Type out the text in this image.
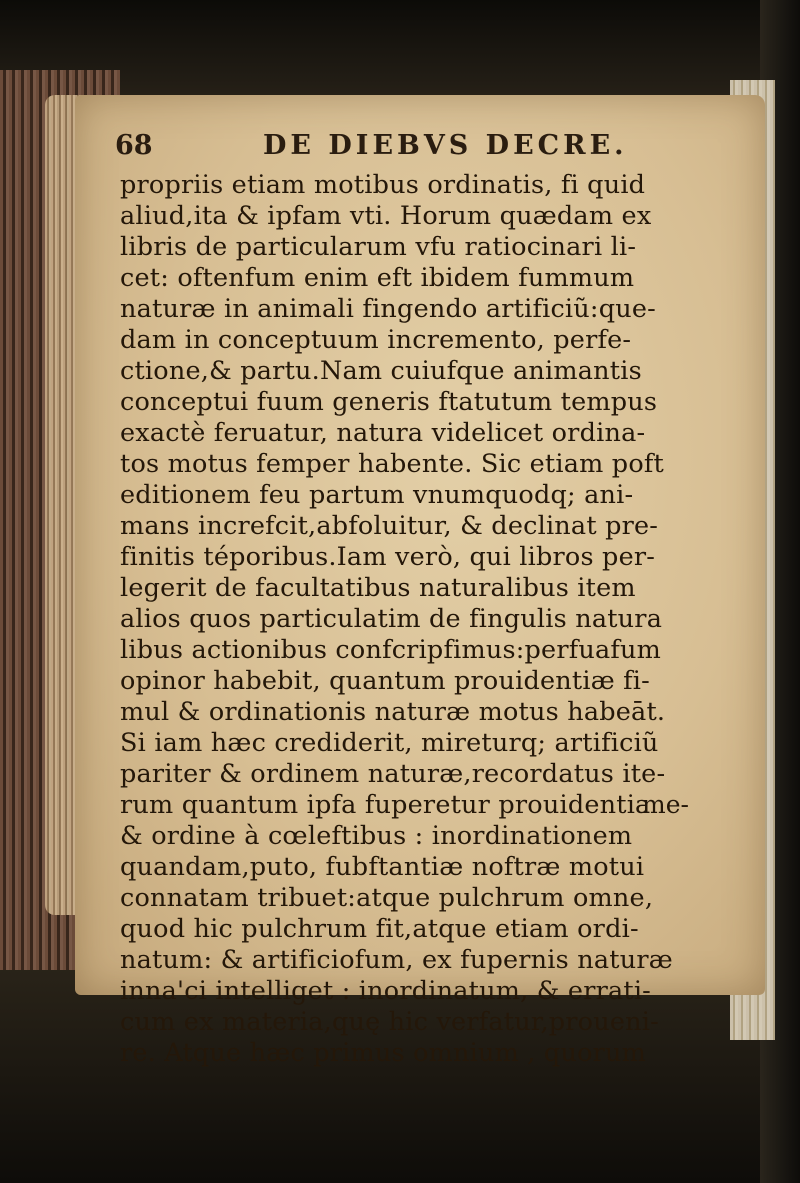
68	DE DIEBVS DECRE.
propriis etiam motibus ordinatis, fi quid
aliud,ita & ipfam vti. Horum quædam ex
libris de particularum vfu ratiocinari li-
cet: oftenfum enim eft ibidem fummum
naturæ in animali fingendo artificiũ:que-
dam in conceptuum incremento, perfe-
ctione,& partu.Nam cuiufque animantis
conceptui fuum generis ftatutum tempus
exactè feruatur, natura videlicet ordina-
tos motus femper habente. Sic etiam poft
editionem feu partum vnumquodq; ani-
mans increfcit,abfoluitur, & declinat pre-
finitis téporibus.Iam verò, qui libros per-
legerit de facultatibus naturalibus item
alios quos particulatim de fingulis natura
libus actionibus confcripfimus:perfuafum
opinor habebit, quantum prouidentiæ fi-
mul & ordinationis naturæ motus habeāt.
Si iam hæc crediderit, mireturq; artificiũ
pariter & ordinem naturæ,recordatus ite-
rum quantum ipfa fuperetur prouidentia
& ordine à cœleftibus : inordinationem
quandam,puto, fubftantiæ noftræ motui
connatam tribuet:atque pulchrum omne,
quod hic pulchrum fit,atque etiam ordi-
natum: & artificiofum, ex fupernis naturæ
inna'ci intelliget : inordinatum, & errati-
cum ex materia,quę hic verfatur,proueni-
re. Atque hæc primus omnium , quorum
me-
